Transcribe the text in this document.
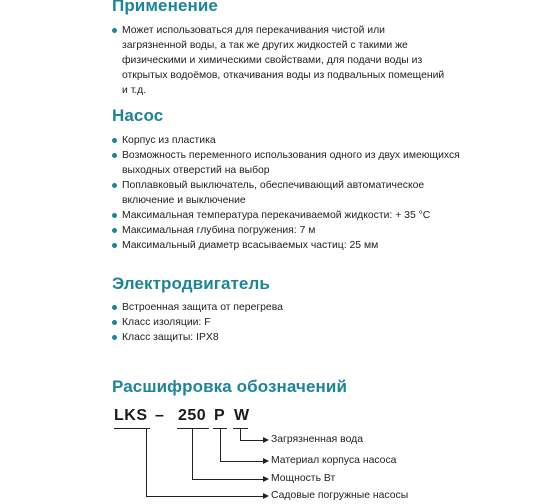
Применение
Может использоваться для перекачивания чистой или загрязненной воды, а так же других жидкостей с такими же физическими и химическими свойствами, для подачи воды из открытых водоёмов, откачивания воды из подвальных помещений и т.д.
Насос
Корпус из пластика
Возможность переменного использования одного из двух имеющихся выходных отверстий на выбор
Поплавковый выключатель, обеспечивающий автоматическое включение и выключение
Максимальная температура перекачиваемой жидкости: + 35 °C
Максимальная глубина погружения: 7 м
Максимальный диаметр всасываемых частиц: 25 мм
Электродвигатель
Встроенная защита от перегрева
Класс изоляции: F
Класс защиты: IPX8
Расшифровка обозначений
LKS – 250 P W
Загрязненная вода
Материал корпуса насоса
Мощность Вт
Садовые погружные насосы
